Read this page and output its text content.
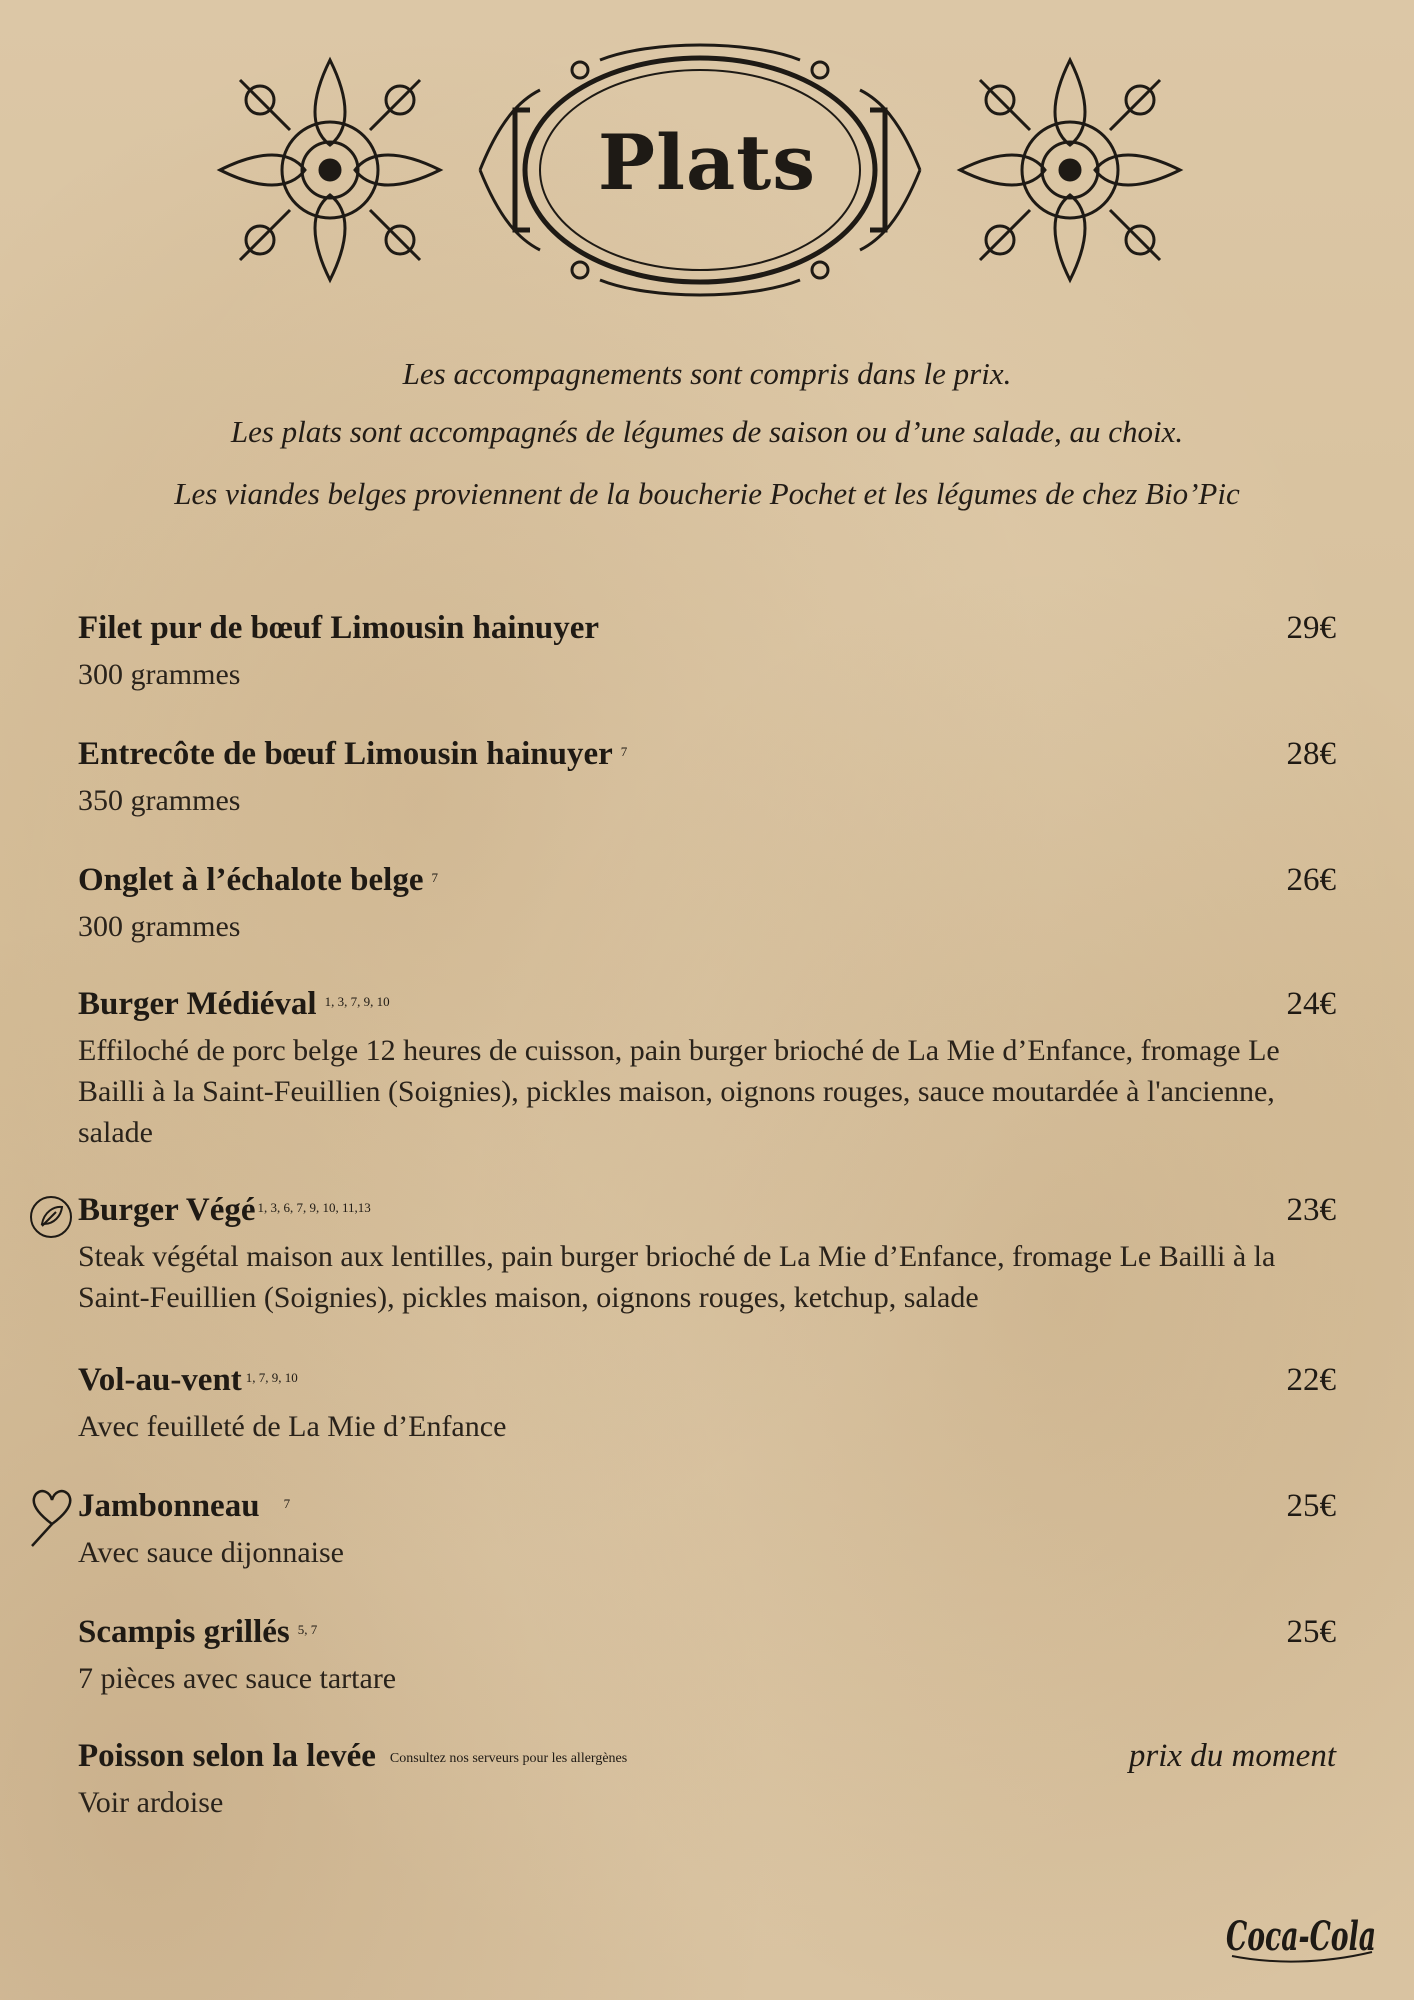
Plats
Les accompagnements sont compris dans le prix.
Les plats sont accompagnés de légumes de saison ou d’une salade, au choix.
Les viandes belges proviennent de la boucherie Pochet et les légumes de chez Bio’Pic
Filet pur de bœuf Limousin hainuyer	29€
300 grammes
Entrecôte de bœuf Limousin hainuyer $^7$	28€
350 grammes
Onglet à l’échalote belge $^7$	26€
300 grammes
Burger Médiéval $^{1, 3, 7, 9, 10}$	24€
Effiloché de porc belge 12 heures de cuisson, pain burger brioché de La Mie d’Enfance, fromage Le Bailli à la Saint-Feuillien (Soignies), pickles maison, oignons rouges, sauce moutardée à l'ancienne, salade
Burger Végé $^{1, 3, 6, 7, 9, 10, 11,13}$	23€
Steak végétal maison aux lentilles, pain burger brioché de La Mie d’Enfance, fromage Le Bailli à la Saint-Feuillien (Soignies), pickles maison, oignons rouges, ketchup, salade
Vol-au-vent $^{1, 7, 9, 10}$	22€
Avec feuilleté de La Mie d’Enfance
Jambonneau $^7$	25€
Avec sauce dijonnaise
Scampis grillés $^{5, 7}$	25€
7 pièces avec sauce tartare
Poisson selon la levée Consultez nos serveurs pour les allergènes	prix du moment
Voir ardoise
Coca-Cola
